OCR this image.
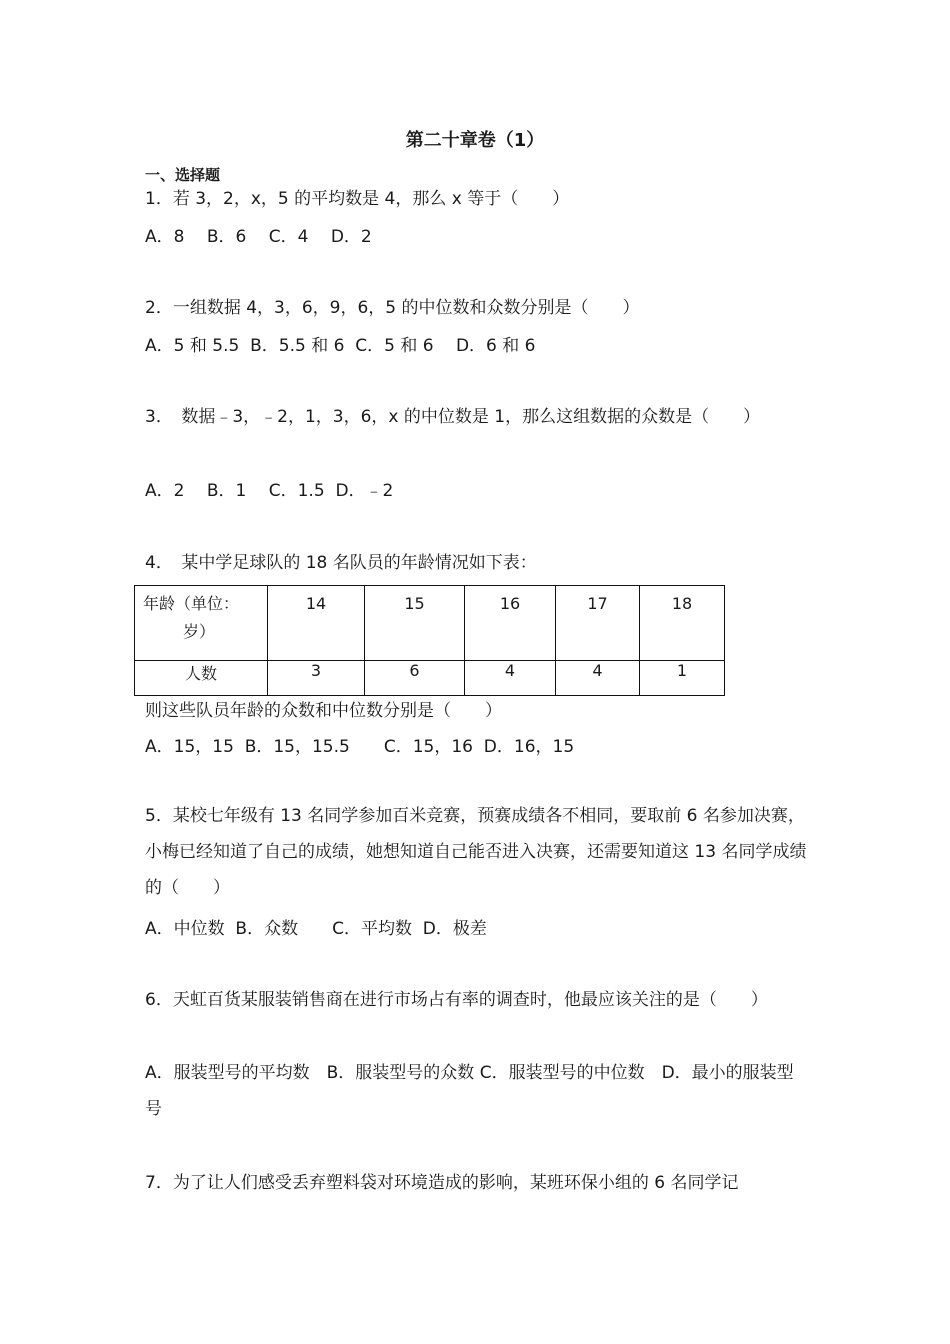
第二十章卷（1）
一、选择题
1．若 3，2，x，5 的平均数是 4，那么 x 等于（　　）
A．8　 B．6　 C．4　 D．2
2．一组数据 4，3，6，9，6，5 的中位数和众数分别是（　　）
A．5 和 5.5  B．5.5 和 6  C．5 和 6　 D．6 和 6
3．　数据﹣3，﹣2，1，3，6，x 的中位数是 1，那么这组数据的众数是（　　）
A．2　 B．1　 C．1.5  D．﹣2
4．　某中学足球队的 18 名队员的年龄情况如下表：
年龄（单位：
岁）	14	15	16	17	18
人数	3	6	4	4	1
则这些队员年龄的众数和中位数分别是（　　）
A．15，15  B．15，15.5　　C．15，16  D．16，15
5．某校七年级有 13 名同学参加百米竞赛，预赛成绩各不相同，要取前 6 名参加决赛，小梅已经知道了自己的成绩，她想知道自己能否进入决赛，还需要知道这 13 名同学成绩的（　　）
A．中位数  B．众数　　C．平均数  D．极差
6．天虹百货某服装销售商在进行市场占有率的调查时，他最应该关注的是（　　）
A．服装型号的平均数　B．服装型号的众数 C．服装型号的中位数　D．最小的服装型号
7．为了让人们感受丢弃塑料袋对环境造成的影响，某班环保小组的 6 名同学记
